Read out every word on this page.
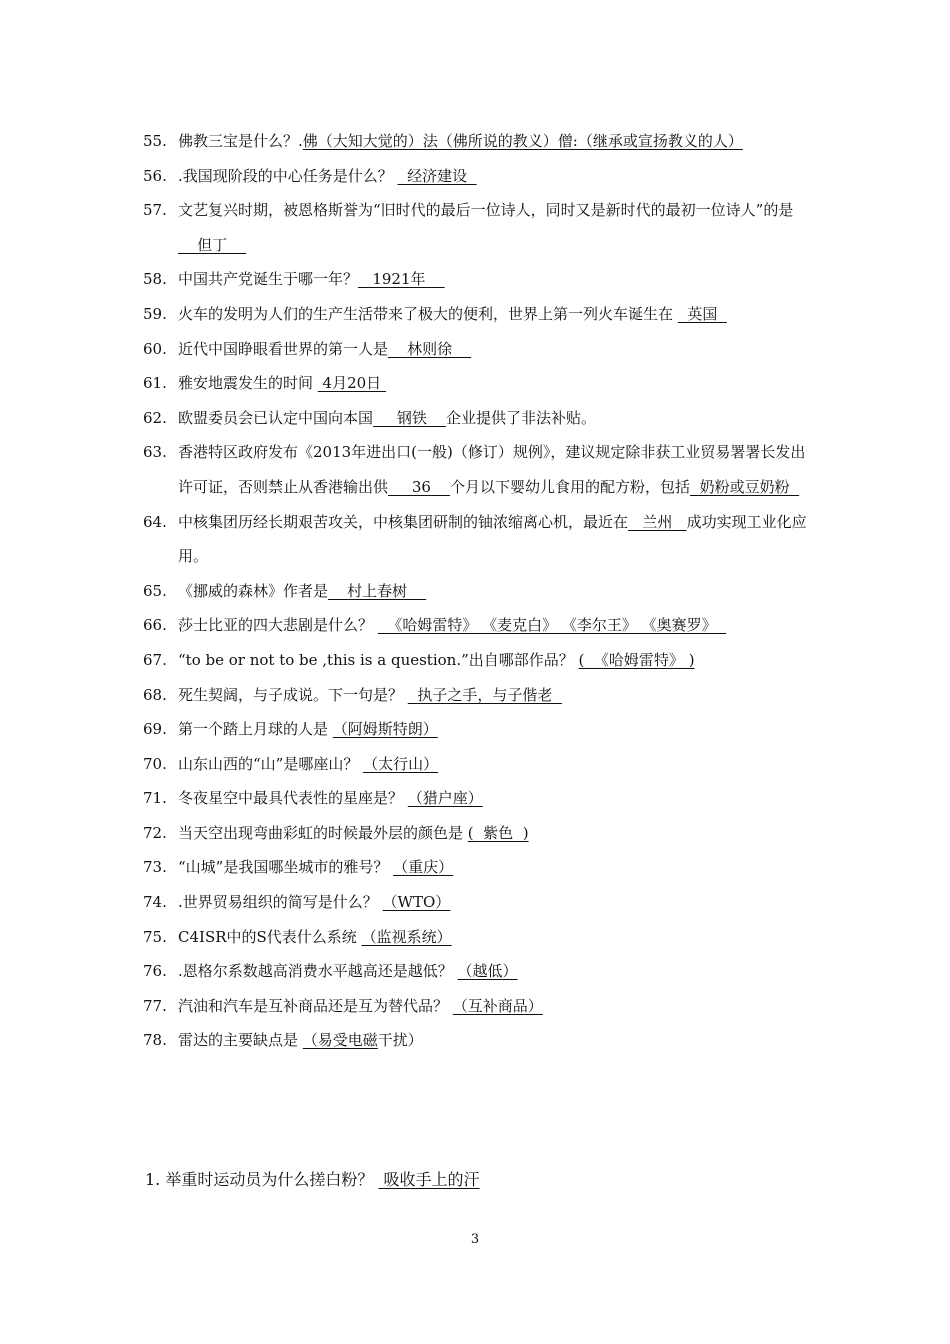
55. 佛教三宝是什么？.佛（大知大觉的）法（佛所说的教义）僧:（继承或宣扬教义的人）
56. .我国现阶段的中心任务是什么？   经济建设
57. 文艺复兴时期，被恩格斯誉为“旧时代的最后一位诗人，同时又是新时代的最初一位诗人”的是     但丁
58. 中国共产党诞生于哪一年？   1921年
59. 火车的发明为人们的生产生活带来了极大的便利，世界上第一列火车诞生在   英国
60. 近代中国睁眼看世界的第一人是    林则徐
61. 雅安地震发生的时间  4月20日
62. 欧盟委员会已认定中国向本国     钢铁    企业提供了非法补贴。
63. 香港特区政府发布《2013年进出口(一般)（修订）规例》，建议规定除非获工业贸易署署长发出许可证，否则禁止从香港输出供     36    个月以下婴幼儿食用的配方粉，包括  奶粉或豆奶粉
64. 中核集团历经长期艰苦攻关，中核集团研制的铀浓缩离心机，最近在   兰州   成功实现工业化应用。
65. 《挪威的森林》作者是    村上春树
66. 莎士比亚的四大悲剧是什么？   《哈姆雷特》 《麦克白》 《李尔王》 《奥赛罗》
67. “to be or not to be ,this is a question.”出自哪部作品？ (  《哈姆雷特》 )
68. 死生契阔，与子成说。下一句是？   执子之手，与子偕老
69. 第一个踏上月球的人是 （阿姆斯特朗）
70. 山东山西的“山”是哪座山？ （太行山）
71. 冬夜星空中最具代表性的星座是？ （猎户座）
72. 当天空出现弯曲彩虹的时候最外层的颜色是 (  紫色  )
73. “山城”是我国哪坐城市的雅号？ （重庆）
74. .世界贸易组织的简写是什么？ （WTO）
75. C4ISR中的S代表什么系统 （监视系统）
76. .恩格尔系数越高消费水平越高还是越低？ （越低）
77. 汽油和汽车是互补商品还是互为替代品？ （互补商品）
78. 雷达的主要缺点是 （易受电磁干扰）
1. 举重时运动员为什么搓白粉？  吸收手上的汗
3
